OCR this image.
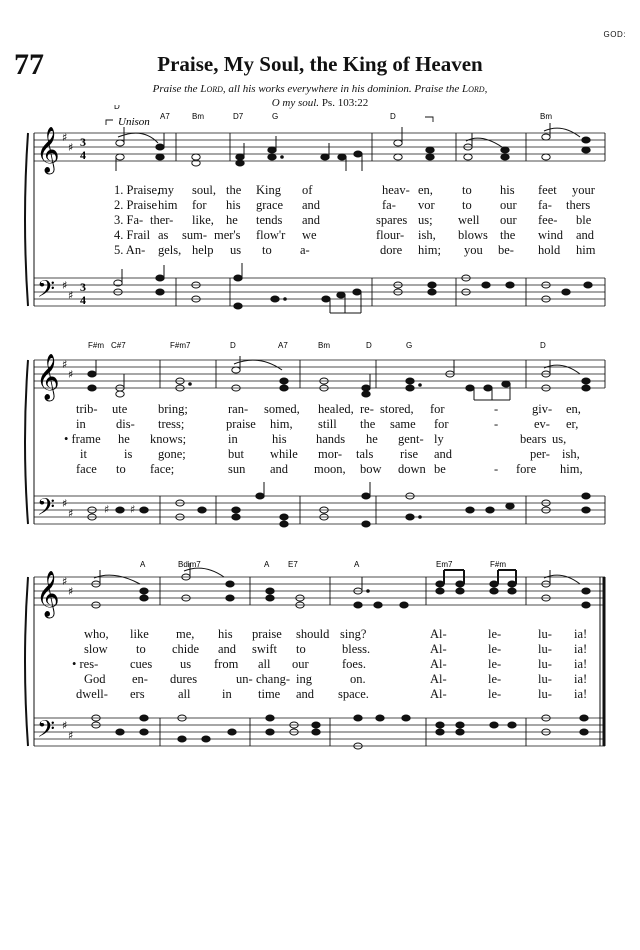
GOD:
77	Praise, My Soul, the King of Heaven
Praise the Lord, all his works everywhere in his dominion. Praise the Lord,
O my soul. Ps. 103:22
D
A7	Bm	D7	G	D	Bm
Unison
𝄞
𝄢
♯
♯
♯
♯
3
4
3
4
1. Praise,
my soul, the King of	heav- en, to his feet your
2. Praise him for his grace and	fa- vor to our fa- thers
3. Fa- ther- like, he tends and	spares us; well our fee- ble
4. Frail as sum- mer's flow'r we	flour- ish, blows the wind and
5. An- gels, help us to a-	dore him; you be- hold him
F#m C#7	F#m7	D	A7	Bm	D	G	D
𝄞
𝄢
♯
♯
♯
♯	♯ ♯
trib- ute bring;	ran- somed, healed, re- stored, for	-	giv- en,
in dis- tress;	praise him, still the same for	-	ev- er,
• frame he knows;	in	his hands he gent- ly	bears us,
it	is gone;	but while mor- tals rise and	per- ish,
face to face;	sun and moon, bow down be	- fore him,
A	Bdim7	A E7	A	Em7	F#m
𝄞
𝄢
♯
♯
♯
♯
who, like me, his praise should sing?	Al-	le-	lu- ia!
slow to chide and swift to	bless.	Al-	le-	lu- ia!
• res-	cues us from all our	foes.	Al-	le-	lu- ia!
God en- dures	un- chang- ing	on.	Al-	le-	lu- ia!
dwell- ers	all	in time and space.	Al-	le-	lu- ia!
